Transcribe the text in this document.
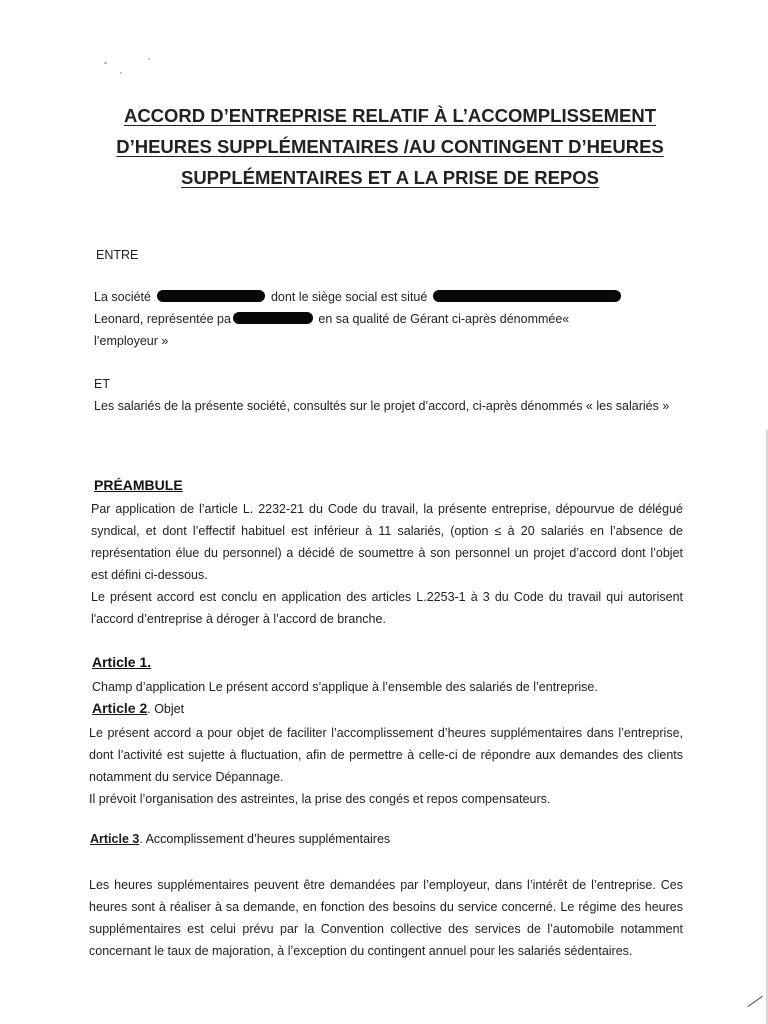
ACCORD D’ENTREPRISE RELATIF À L’ACCOMPLISSEMENT
D’HEURES SUPPLÉMENTAIRES /AU CONTINGENT D’HEURES
SUPPLÉMENTAIRES ET A LA PRISE DE REPOS
ENTRE
La société	dont le siège social est situé
Leonard, représentée pa	en sa qualité de Gérant ci-après dénommée«
l’employeur »
ET
Les salariés de la présente société, consultés sur le projet d’accord, ci-après dénommés « les salariés »
PRÉAMBULE

Par application de l’article L. 2232-21 du Code du travail, la présente entreprise, dépourvue de délégué syndical, et dont l’effectif habituel est inférieur à 11 salariés, (option ≤ à 20 salariés en l’absence de représentation élue du personnel) a décidé de soumettre à son personnel un projet d’accord dont l’objet est défini ci-dessous.

Le présent accord est conclu en application des articles L.2253-1 à 3 du Code du travail qui autorisent l'accord d’entreprise à déroger à l’accord de branche.

Article 1.
Champ d’application Le présent accord s’applique à l’ensemble des salariés de l’entreprise.
Article 2. Objet

Le présent accord a pour objet de faciliter l’accomplissement d’heures supplémentaires dans l’entreprise, dont l’activité est sujette à fluctuation, afin de permettre à celle-ci de répondre aux demandes des clients notamment du service Dépannage.

Il prévoit l’organisation des astreintes, la prise des congés et repos compensateurs.

Article 3. Accomplissement d’heures supplémentaires
Les heures supplémentaires peuvent être demandées par l’employeur, dans l’intérêt de l’entreprise. Ces heures sont à réaliser à sa demande, en fonction des besoins du service concerné. Le régime des heures supplémentaires est celui prévu par la Convention collective des services de l’automobile notamment concernant le taux de majoration, à l’exception du contingent annuel pour les salariés sédentaires.
